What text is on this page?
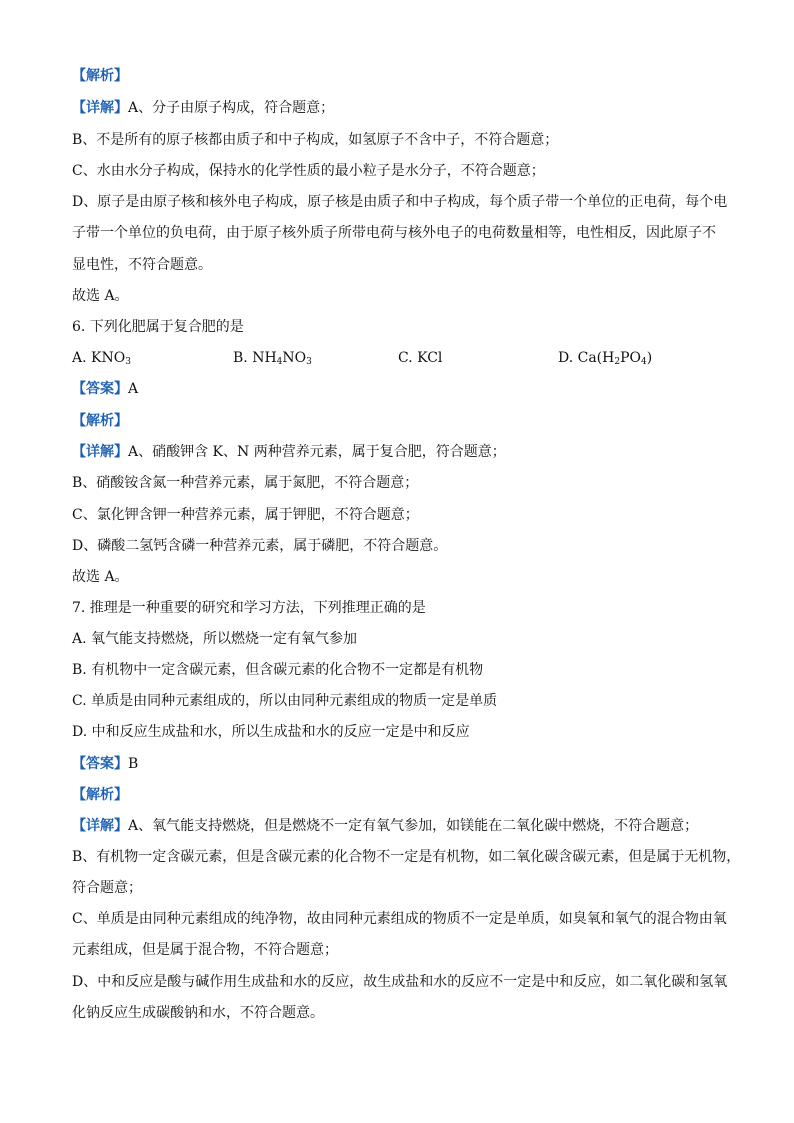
【解析】
【详解】A、分子由原子构成，符合题意；
B、不是所有的原子核都由质子和中子构成，如氢原子不含中子，不符合题意；
C、水由水分子构成，保持水的化学性质的最小粒子是水分子，不符合题意；
D、原子是由原子核和核外电子构成，原子核是由质子和中子构成，每个质子带一个单位的正电荷，每个电
子带一个单位的负电荷，由于原子核外质子所带电荷与核外电子的电荷数量相等，电性相反，因此原子不
显电性，不符合题意。
故选 A。
6. 下列化肥属于复合肥的是
A. $KNO_3$	B. $NH_4NO_3$	C. KCl	D. $Ca(H_2PO_4)$
【答案】A
【解析】
【详解】A、硝酸钾含 K、N 两种营养元素，属于复合肥，符合题意；
B、硝酸铵含氮一种营养元素，属于氮肥，不符合题意；
C、氯化钾含钾一种营养元素，属于钾肥，不符合题意；
D、磷酸二氢钙含磷一种营养元素，属于磷肥，不符合题意。
故选 A。
7. 推理是一种重要的研究和学习方法，下列推理正确的是
A. 氧气能支持燃烧，所以燃烧一定有氧气参加
B. 有机物中一定含碳元素，但含碳元素的化合物不一定都是有机物
C. 单质是由同种元素组成的，所以由同种元素组成的物质一定是单质
D. 中和反应生成盐和水，所以生成盐和水的反应一定是中和反应
【答案】B
【解析】
【详解】A、氧气能支持燃烧，但是燃烧不一定有氧气参加，如镁能在二氧化碳中燃烧，不符合题意；
B、有机物一定含碳元素，但是含碳元素的化合物不一定是有机物，如二氧化碳含碳元素，但是属于无机物，
符合题意；
C、单质是由同种元素组成的纯净物，故由同种元素组成的物质不一定是单质，如臭氧和氧气的混合物由氧
元素组成，但是属于混合物，不符合题意；
D、中和反应是酸与碱作用生成盐和水的反应，故生成盐和水的反应不一定是中和反应，如二氧化碳和氢氧
化钠反应生成碳酸钠和水，不符合题意。
